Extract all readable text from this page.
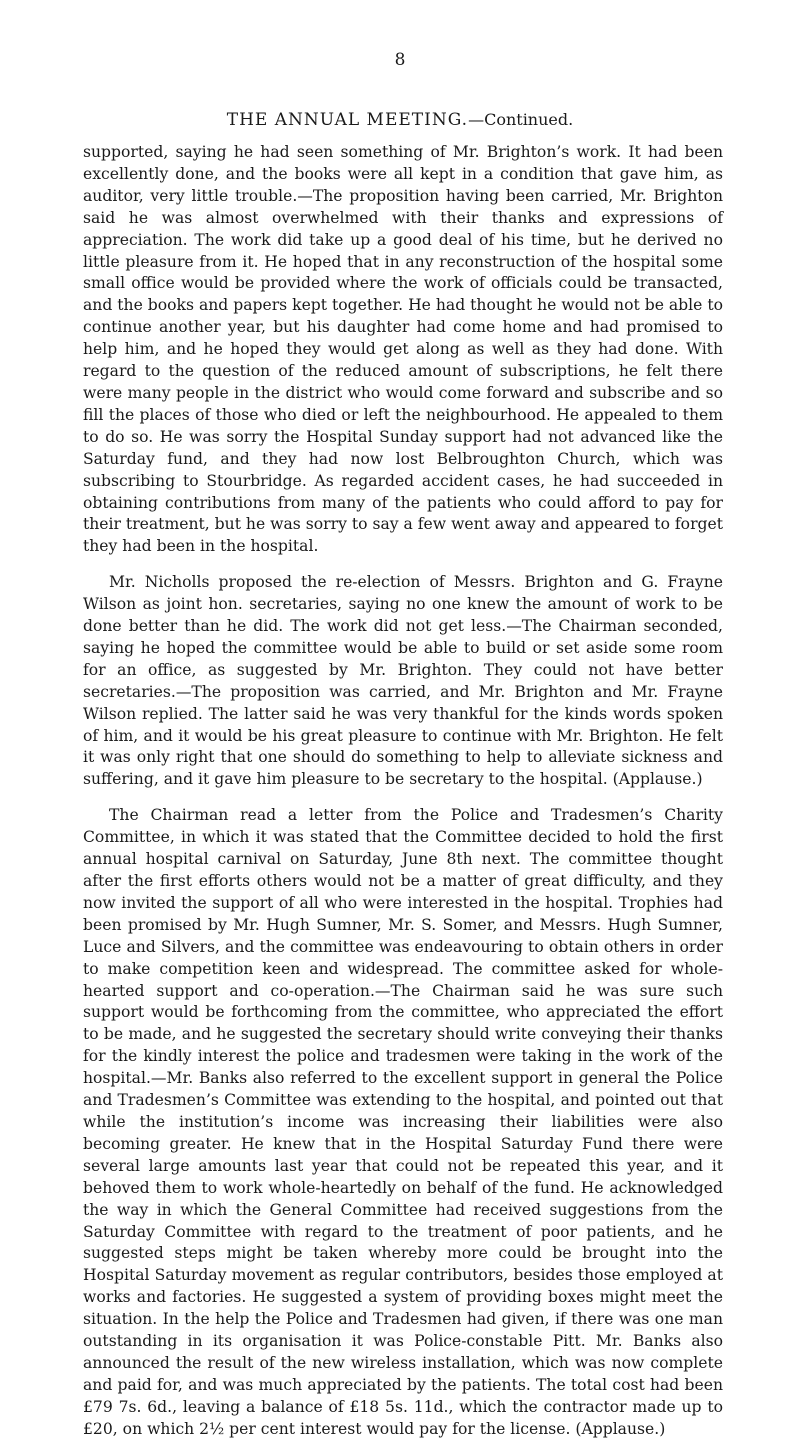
8
THE ANNUAL MEETING.—Continued.

supported, saying he had seen something of Mr. Brighton’s work. It had been excellently done, and the books were all kept in a condition that gave him, as auditor, very little trouble.—The proposition having been carried, Mr. Brighton said he was almost overwhelmed with their thanks and expressions of appreciation. The work did take up a good deal of his time, but he derived no little pleasure from it. He hoped that in any reconstruction of the hospital some small office would be provided where the work of officials could be transacted, and the books and papers kept together. He had thought he would not be able to continue another year, but his daughter had come home and had promised to help him, and he hoped they would get along as well as they had done. With regard to the question of the reduced amount of subscriptions, he felt there were many people in the district who would come forward and subscribe and so fill the places of those who died or left the neighbourhood. He appealed to them to do so. He was sorry the Hospital Sunday support had not advanced like the Saturday fund, and they had now lost Belbroughton Church, which was subscribing to Stourbridge. As regarded accident cases, he had succeeded in obtaining contributions from many of the patients who could afford to pay for their treatment, but he was sorry to say a few went away and appeared to forget they had been in the hospital.

Mr. Nicholls proposed the re-election of Messrs. Brighton and G. Frayne Wilson as joint hon. secretaries, saying no one knew the amount of work to be done better than he did. The work did not get less.—The Chairman seconded, saying he hoped the committee would be able to build or set aside some room for an office, as suggested by Mr. Brighton. They could not have better secretaries.—The proposition was carried, and Mr. Brighton and Mr. Frayne Wilson replied. The latter said he was very thankful for the kinds words spoken of him, and it would be his great pleasure to continue with Mr. Brighton. He felt it was only right that one should do something to help to alleviate sickness and suffering, and it gave him pleasure to be secretary to the hospital. (Applause.)

The Chairman read a letter from the Police and Tradesmen’s Charity Committee, in which it was stated that the Committee decided to hold the first annual hospital carnival on Saturday, June 8th next. The committee thought after the first efforts others would not be a matter of great difficulty, and they now invited the support of all who were interested in the hospital. Trophies had been promised by Mr. Hugh Sumner, Mr. S. Somer, and Messrs. Hugh Sumner, Luce and Silvers, and the committee was endeavouring to obtain others in order to make competition keen and widespread. The committee asked for whole-hearted support and co-operation.—The Chairman said he was sure such support would be forthcoming from the committee, who appreciated the effort to be made, and he suggested the secretary should write conveying their thanks for the kindly interest the police and tradesmen were taking in the work of the hospital.—Mr. Banks also referred to the excellent support in general the Police and Tradesmen’s Committee was extending to the hospital, and pointed out that while the institution’s income was increasing their liabilities were also becoming greater. He knew that in the Hospital Saturday Fund there were several large amounts last year that could not be repeated this year, and it behoved them to work whole-heartedly on behalf of the fund. He acknowledged the way in which the General Committee had received suggestions from the Saturday Committee with regard to the treatment of poor patients, and he suggested steps might be taken whereby more could be brought into the Hospital Saturday movement as regular contributors, besides those employed at works and factories. He suggested a system of providing boxes might meet the situation. In the help the Police and Tradesmen had given, if there was one man outstanding in its organisation it was Police-constable Pitt. Mr. Banks also announced the result of the new wireless installation, which was now complete and paid for, and was much appreciated by the patients. The total cost had been £79 7s. 6d., leaving a balance of £18 5s. 11d., which the contractor made up to £20, on which 2½ per cent interest would pay for the license. (Applause.)
